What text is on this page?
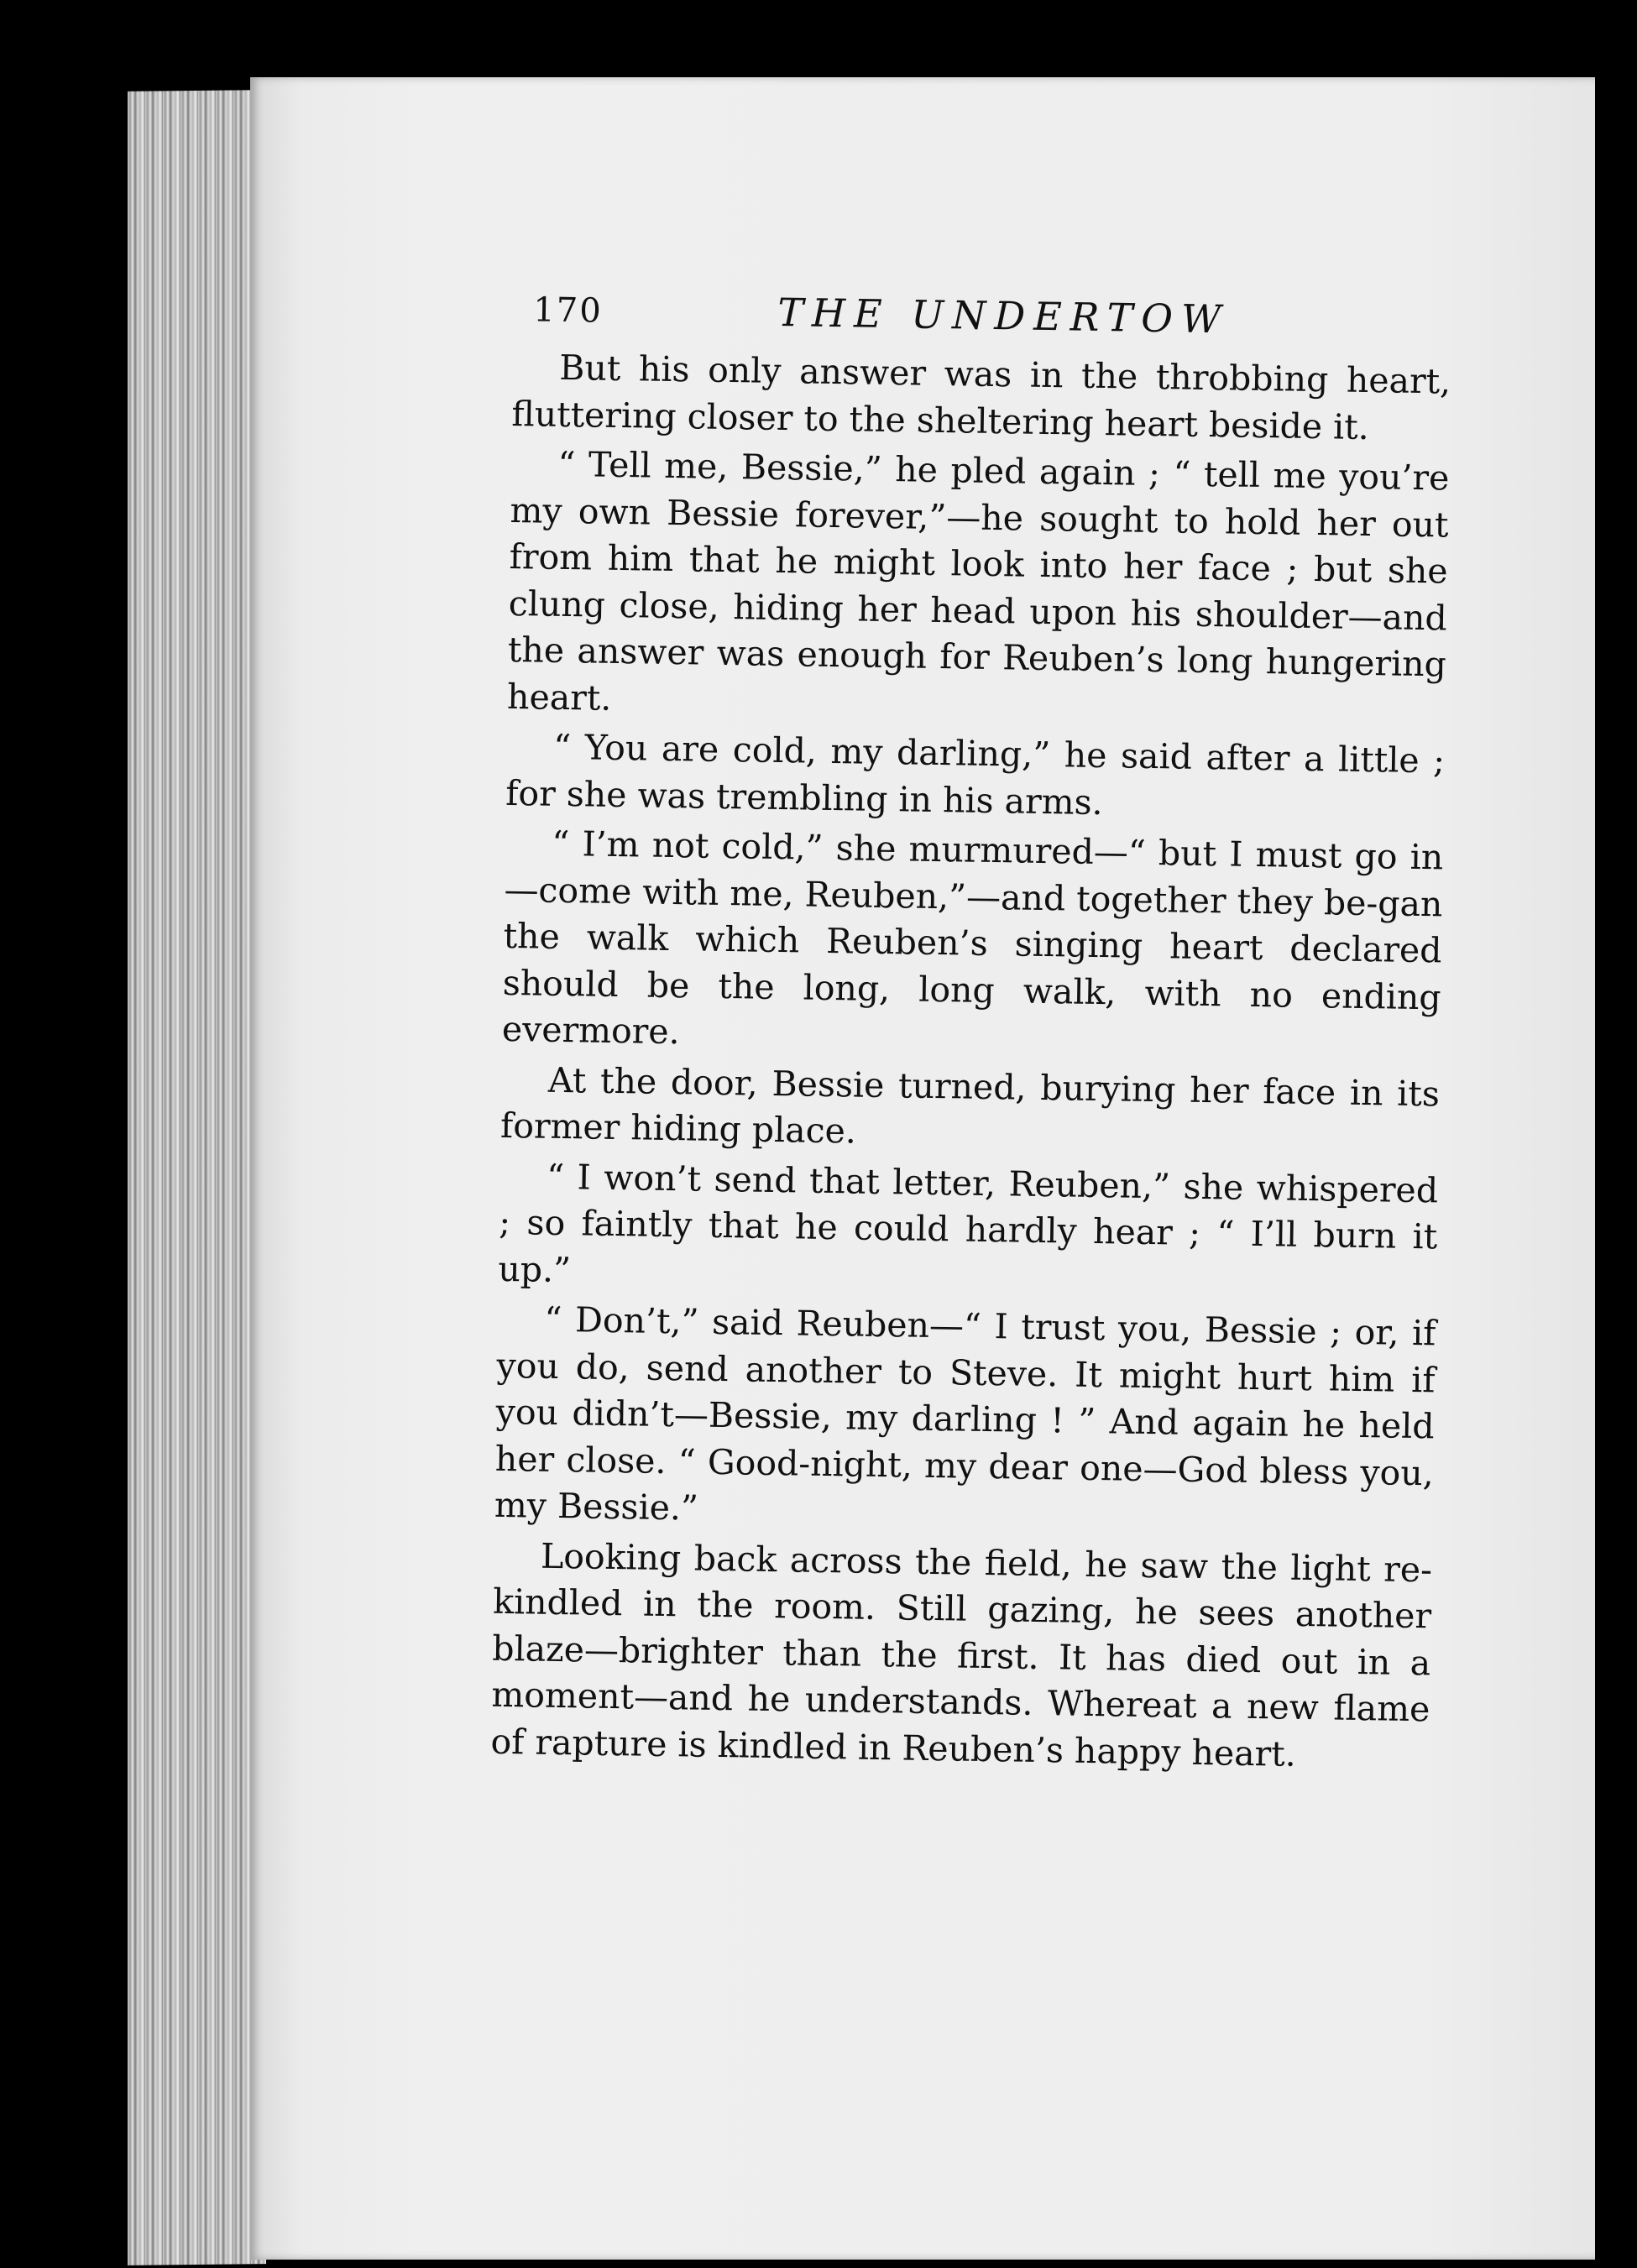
170	THE UNDERTOW

But his only answer was in the throbbing heart, fluttering closer to the sheltering heart beside it.

“ Tell me, Bessie,” he pled again ; “ tell me you’re my own Bessie forever,”—he sought to hold her out from him that he might look into her face ; but she clung close, hiding her head upon his shoulder—and the answer was enough for Reuben’s long hungering heart.

“ You are cold, my darling,” he said after a little ; for she was trembling in his arms.

“ I’m not cold,” she murmured—“ but I must go in—come with me, Reuben,”—and together they be-gan the walk which Reuben’s singing heart declared should be the long, long walk, with no ending evermore.

At the door, Bessie turned, burying her face in its former hiding place.

“ I won’t send that letter, Reuben,” she whispered ; so faintly that he could hardly hear ; “ I’ll burn it up.”

“ Don’t,” said Reuben—“ I trust you, Bessie ; or, if you do, send another to Steve. It might hurt him if you didn’t—Bessie, my darling ! ” And again he held her close. “ Good-night, my dear one—God bless you, my Bessie.”

Looking back across the field, he saw the light re-kindled in the room. Still gazing, he sees another blaze—brighter than the first. It has died out in a moment—and he understands. Whereat a new flame of rapture is kindled in Reuben’s happy heart.
